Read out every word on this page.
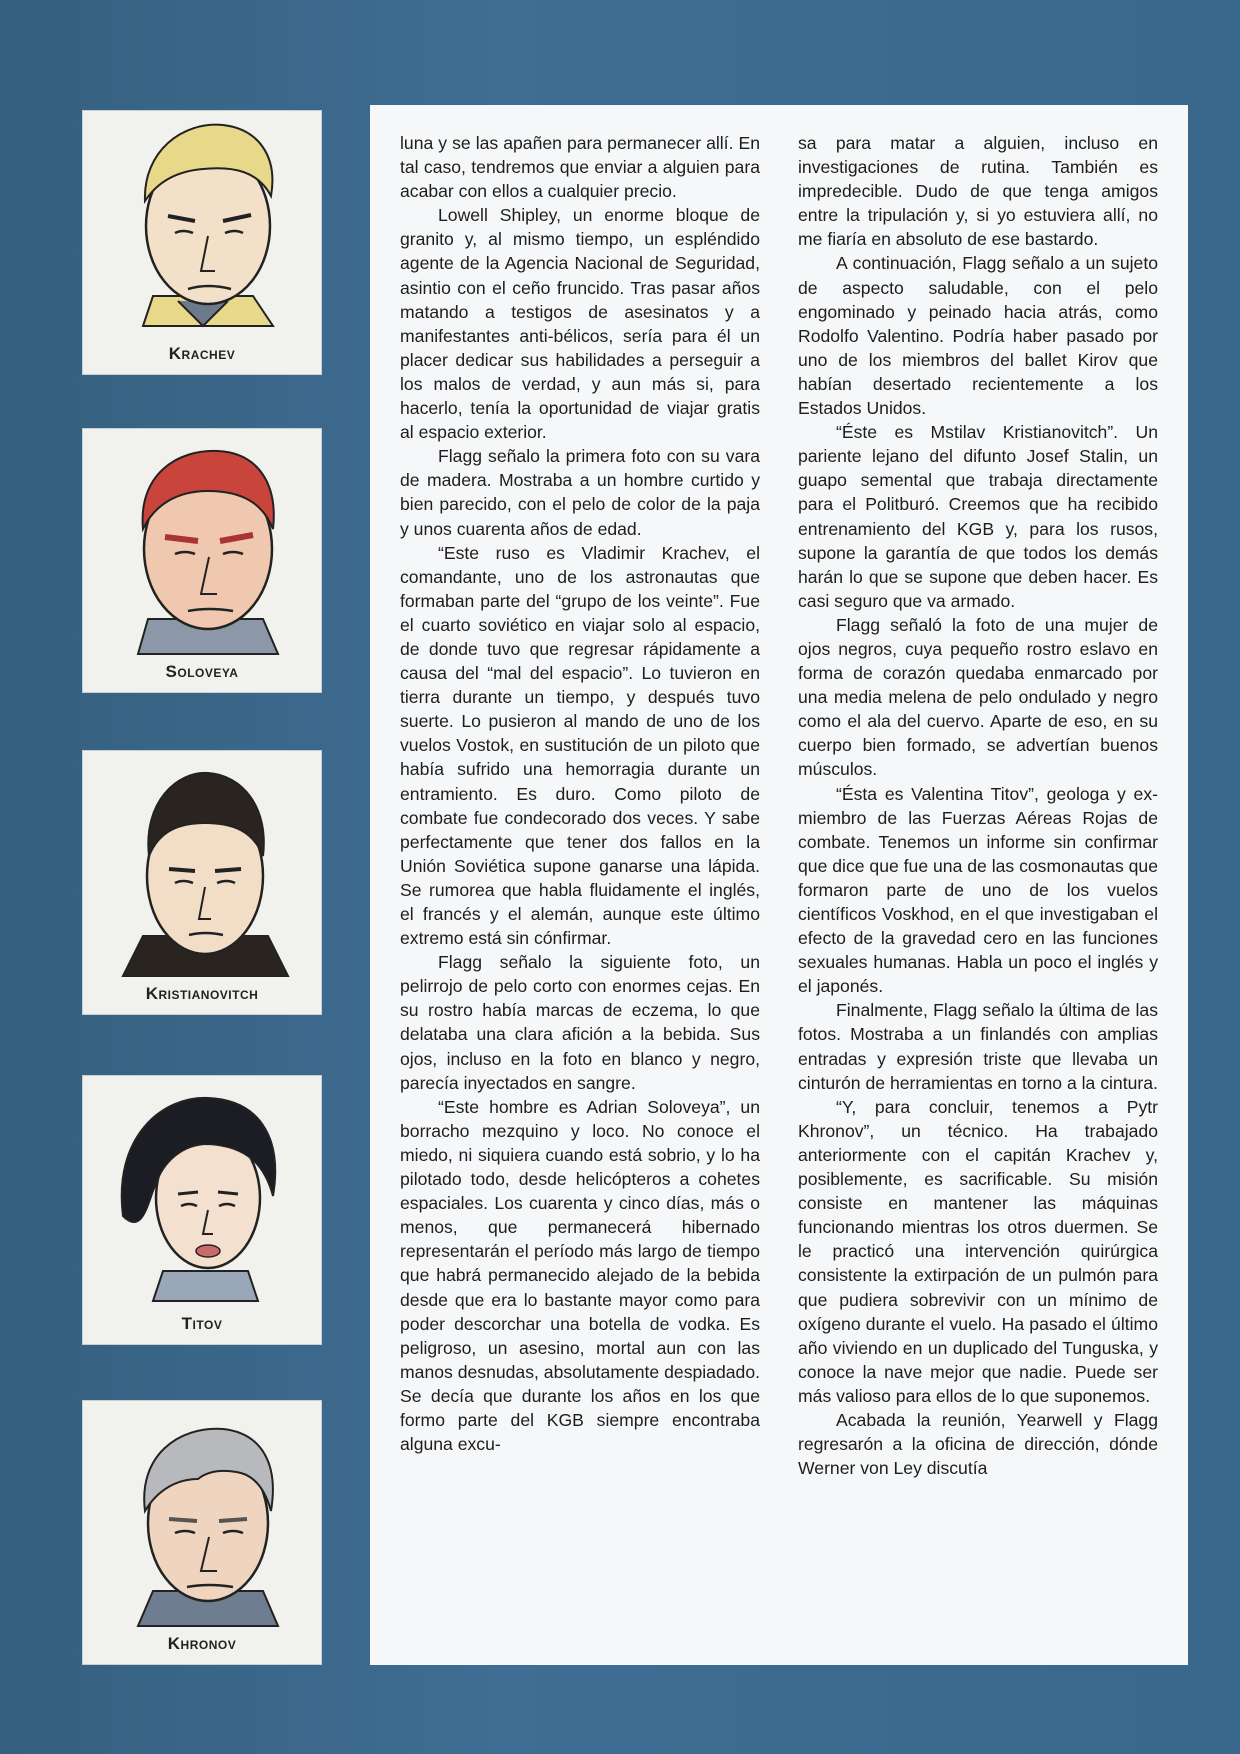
Krachev
Soloveya
Kristianovitch
Titov
Khronov

luna y se las apañen para permanecer allí. En tal caso, tendremos que enviar a alguien para acabar con ellos a cualquier precio.

Lowell Shipley, un enorme bloque de granito y, al mismo tiempo, un espléndido agente de la Agencia Nacional de Seguridad, asintio con el ceño fruncido. Tras pasar años matando a testigos de asesinatos y a manifestantes anti-bélicos, sería para él un placer dedicar sus habilidades a perseguir a los malos de verdad, y aun más si, para hacerlo, tenía la oportunidad de viajar gratis al espacio exterior.

Flagg señalo la primera foto con su vara de madera. Mostraba a un hombre curtido y bien parecido, con el pelo de color de la paja y unos cuarenta años de edad.

“Este ruso es Vladimir Krachev, el comandante, uno de los astronautas que formaban parte del “grupo de los veinte”. Fue el cuarto soviético en viajar solo al espacio, de donde tuvo que regresar rápidamente a causa del “mal del espacio”. Lo tuvieron en tierra durante un tiempo, y después tuvo suerte. Lo pusieron al mando de uno de los vuelos Vostok, en sustitución de un piloto que había sufrido una hemorragia durante un entramiento. Es duro. Como piloto de combate fue condecorado dos veces. Y sabe perfectamente que tener dos fallos en la Unión Soviética supone ganarse una lápida. Se rumorea que habla fluidamente el inglés, el francés y el alemán, aunque este último extremo está sin cónfirmar.

Flagg señalo la siguiente foto, un pelirrojo de pelo corto con enormes cejas. En su rostro había marcas de eczema, lo que delataba una clara afición a la bebida. Sus ojos, incluso en la foto en blanco y negro, parecía inyectados en sangre.

“Este hombre es Adrian Soloveya”, un borracho mezquino y loco. No conoce el miedo, ni siquiera cuando está sobrio, y lo ha pilotado todo, desde helicópteros a cohetes espaciales. Los cuarenta y cinco días, más o menos, que permanecerá hibernado representarán el período más largo de tiempo que habrá permanecido alejado de la bebida desde que era lo bastante mayor como para poder descorchar una botella de vodka. Es peligroso, un asesino, mortal aun con las manos desnudas, absolutamente despiadado. Se decía que durante los años en los que formo parte del KGB siempre encontraba alguna excu-

sa para matar a alguien, incluso en investigaciones de rutina. También es impredecible. Dudo de que tenga amigos entre la tripulación y, si yo estuviera allí, no me fiaría en absoluto de ese bastardo.

A continuación, Flagg señalo a un sujeto de aspecto saludable, con el pelo engominado y peinado hacia atrás, como Rodolfo Valentino. Podría haber pasado por uno de los miembros del ballet Kirov que habían desertado recientemente a los Estados Unidos.

“Éste es Mstilav Kristianovitch”. Un pariente lejano del difunto Josef Stalin, un guapo semental que trabaja directamente para el Politburó. Creemos que ha recibido entrenamiento del KGB y, para los rusos, supone la garantía de que todos los demás harán lo que se supone que deben hacer. Es casi seguro que va armado.

Flagg señaló la foto de una mujer de ojos negros, cuya pequeño rostro eslavo en forma de corazón quedaba enmarcado por una media melena de pelo ondulado y negro como el ala del cuervo. Aparte de eso, en su cuerpo bien formado, se advertían buenos músculos.

“Ésta es Valentina Titov”, geologa y ex-miembro de las Fuerzas Aéreas Rojas de combate. Tenemos un informe sin confirmar que dice que fue una de las cosmonautas que formaron parte de uno de los vuelos científicos Voskhod, en el que investigaban el efecto de la gravedad cero en las funciones sexuales humanas. Habla un poco el inglés y el japonés.

Finalmente, Flagg señalo la última de las fotos. Mostraba a un finlandés con amplias entradas y expresión triste que llevaba un cinturón de herramientas en torno a la cintura.

“Y, para concluir, tenemos a Pytr Khronov”, un técnico. Ha trabajado anteriormente con el capitán Krachev y, posiblemente, es sacrificable. Su misión consiste en mantener las máquinas funcionando mientras los otros duermen. Se le practicó una intervención quirúrgica consistente la extirpación de un pulmón para que pudiera sobrevivir con un mínimo de oxígeno durante el vuelo. Ha pasado el último año viviendo en un duplicado del Tunguska, y conoce la nave mejor que nadie. Puede ser más valioso para ellos de lo que suponemos.

Acabada la reunión, Yearwell y Flagg regresarón a la oficina de dirección, dónde Werner von Ley discutía
